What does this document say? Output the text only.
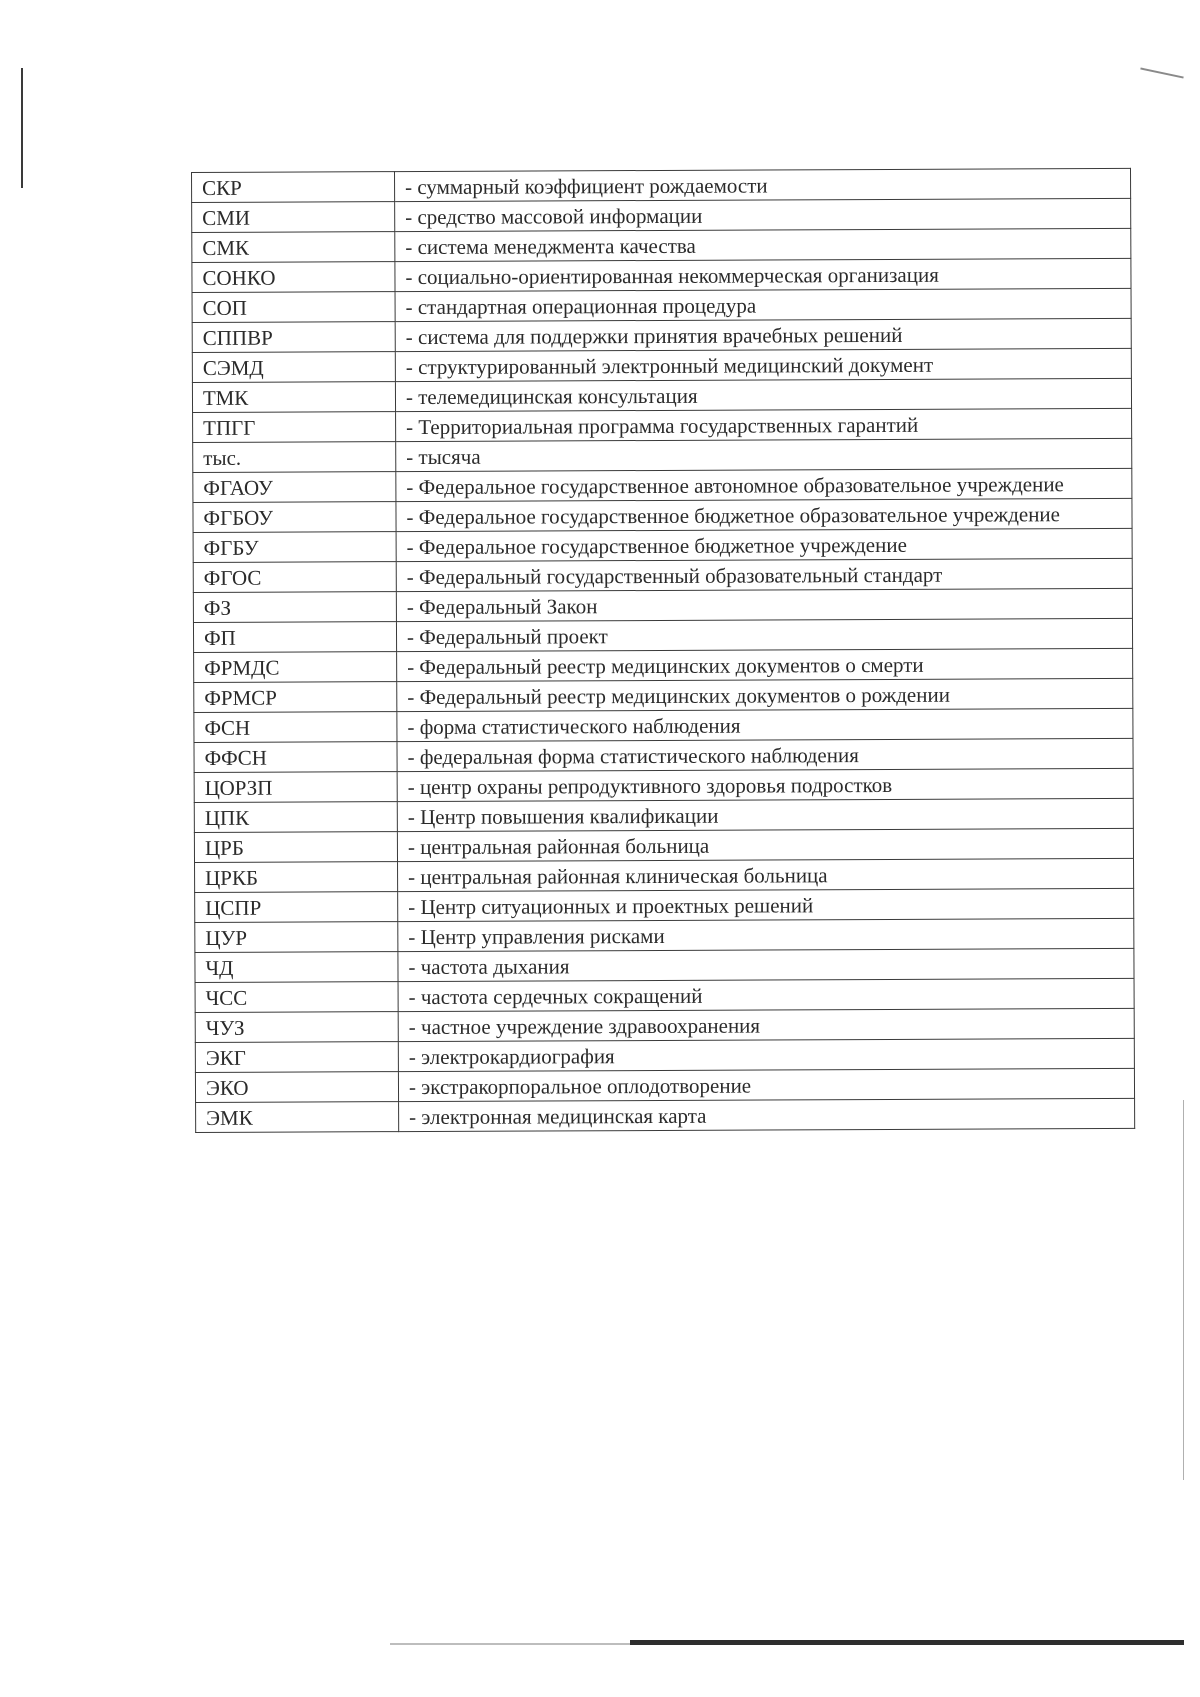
СКР	- суммарный коэффициент рождаемости
СМИ	- средство массовой информации
СМК	- система менеджмента качества
СОНКО	- социально-ориентированная некоммерческая организация
СОП	- стандартная операционная процедура
СППВР	- система для поддержки принятия врачебных решений
СЭМД	- структурированный электронный медицинский документ
ТМК	- телемедицинская консультация
ТПГГ	- Территориальная программа государственных гарантий
тыс.	- тысяча
ФГАОУ	- Федеральное государственное автономное образовательное учреждение
ФГБОУ	- Федеральное государственное бюджетное образовательное учреждение
ФГБУ	- Федеральное государственное бюджетное учреждение
ФГОС	- Федеральный государственный образовательный стандарт
ФЗ	- Федеральный Закон
ФП	- Федеральный проект
ФРМДС	- Федеральный реестр медицинских документов о смерти
ФРМСР	- Федеральный реестр медицинских документов о рождении
ФСН	- форма статистического наблюдения
ФФСН	- федеральная форма статистического наблюдения
ЦОРЗП	- центр охраны репродуктивного здоровья подростков
ЦПК	- Центр повышения квалификации
ЦРБ	- центральная районная больница
ЦРКБ	- центральная районная клиническая больница
ЦСПР	- Центр ситуационных и проектных решений
ЦУР	- Центр управления рисками
ЧД	- частота дыхания
ЧСС	- частота сердечных сокращений
ЧУЗ	- частное учреждение здравоохранения
ЭКГ	- электрокардиография
ЭКО	- экстракорпоральное оплодотворение
ЭМК	- электронная медицинская карта
